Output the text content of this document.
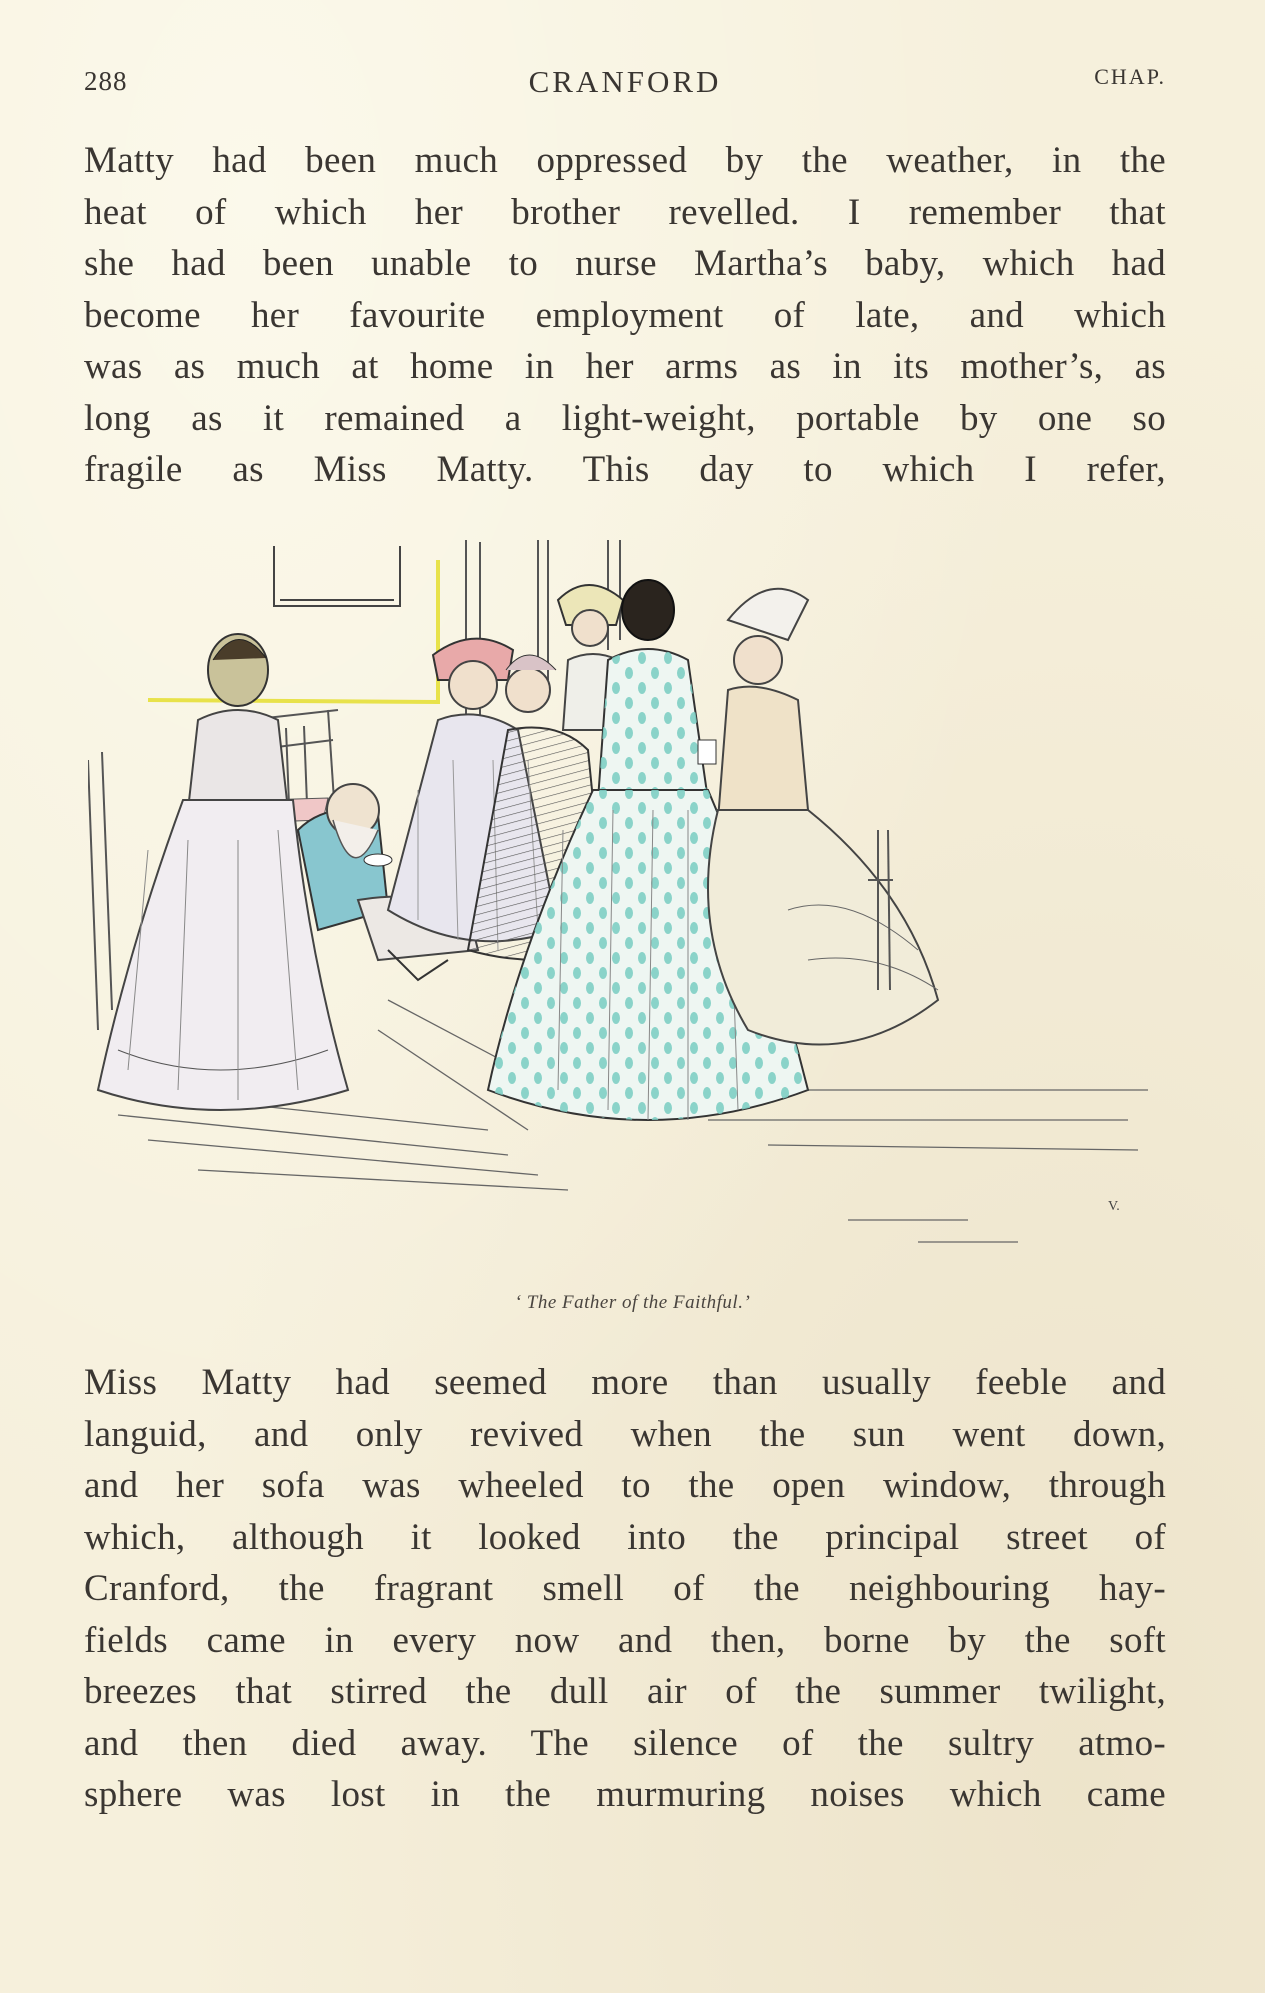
288	CRANFORD	CHAP.

Matty had been much oppressed by the weather, in the
heat of which her brother revelled. I remember that
she had been unable to nurse Martha’s baby, which had
become her favourite employment of late, and which
was as much at home in her arms as in its mother’s, as
long as it remained a light-weight, portable by one so
fragile as Miss Matty. This day to which I refer,

V.
‘ The Father of the Faithful.’

Miss Matty had seemed more than usually feeble and
languid, and only revived when the sun went down,
and her sofa was wheeled to the open window, through
which, although it looked into the principal street of
Cranford, the fragrant smell of the neighbouring hay-
fields came in every now and then, borne by the soft
breezes that stirred the dull air of the summer twilight,
and then died away. The silence of the sultry atmo-
sphere was lost in the murmuring noises which came
